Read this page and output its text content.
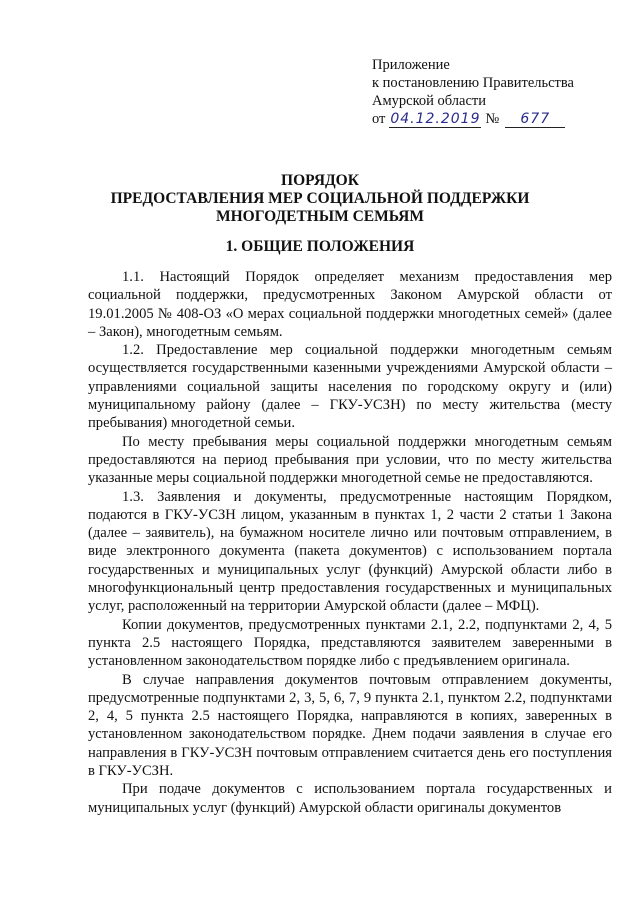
Приложение
к постановлению Правительства
Амурской области
от 04.12.2019 №	677
ПОРЯДОК
ПРЕДОСТАВЛЕНИЯ МЕР СОЦИАЛЬНОЙ ПОДДЕРЖКИ
МНОГОДЕТНЫМ СЕМЬЯМ
1. ОБЩИЕ ПОЛОЖЕНИЯ

1.1. Настоящий Порядок определяет механизм предоставления мер социальной поддержки, предусмотренных Законом Амурской области от 19.01.2005 № 408-ОЗ «О мерах социальной поддержки многодетных семей» (далее – Закон), многодетным семьям.

1.2. Предоставление мер социальной поддержки многодетным семьям осуществляется государственными казенными учреждениями Амурской области – управлениями социальной защиты населения по городскому округу и (или) муниципальному району (далее – ГКУ-УСЗН) по месту жительства (месту пребывания) многодетной семьи.

По месту пребывания меры социальной поддержки многодетным семьям предоставляются на период пребывания при условии, что по месту жительства указанные меры социальной поддержки многодетной семье не предоставляются.

1.3. Заявления и документы, предусмотренные настоящим Порядком, подаются в ГКУ-УСЗН лицом, указанным в пунктах 1, 2 части 2 статьи 1 Закона (далее – заявитель), на бумажном носителе лично или почтовым отправлением, в виде электронного документа (пакета документов) с использованием портала государственных и муниципальных услуг (функций) Амурской области либо в многофункциональный центр предоставления государственных и муниципальных услуг, расположенный на территории Амурской области (далее – МФЦ).

Копии документов, предусмотренных пунктами 2.1, 2.2, подпунктами 2, 4, 5 пункта 2.5 настоящего Порядка, представляются заявителем заверенными в установленном законодательством порядке либо с предъявлением оригинала.

В случае направления документов почтовым отправлением документы, предусмотренные подпунктами 2, 3, 5, 6, 7, 9 пункта 2.1, пунктом 2.2, подпунктами 2, 4, 5 пункта 2.5 настоящего Порядка, направляются в копиях, заверенных в установленном законодательством порядке. Днем подачи заявления в случае его направления в ГКУ-УСЗН почтовым отправлением считается день его поступления в ГКУ-УСЗН.

При подаче документов с использованием портала государственных и муниципальных услуг (функций) Амурской области оригиналы документов
